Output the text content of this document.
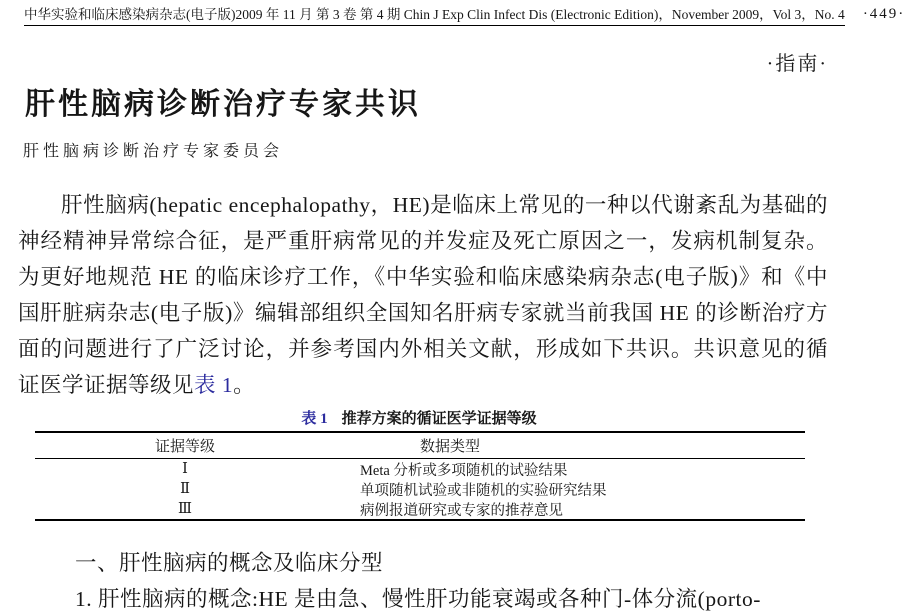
中华实验和临床感染病杂志(电子版)2009 年 11 月 第 3 卷 第 4 期 Chin J Exp Clin Infect Dis (Electronic Edition)，November 2009，Vol 3，No. 4	·449·
·指南·
肝性脑病诊断治疗专家共识
肝性脑病诊断治疗专家委员会

肝性脑病(hepatic encephalopathy，HE)是临床上常见的一种以代谢紊乱为基础的神经精神异常综合征，是严重肝病常见的并发症及死亡原因之一，发病机制复杂。为更好地规范 HE 的临床诊疗工作，《中华实验和临床感染病杂志(电子版)》和《中国肝脏病杂志(电子版)》编辑部组织全国知名肝病专家就当前我国 HE 的诊断治疗方面的问题进行了广泛讨论，并参考国内外相关文献，形成如下共识。共识意见的循证医学证据等级见表 1。

表 1 推荐方案的循证医学证据等级
证据等级	数据类型
Ⅰ	Meta 分析或多项随机的试验结果
Ⅱ	单项随机试验或非随机的实验研究结果
Ⅲ	病例报道研究或专家的推荐意见
一、肝性脑病的概念及临床分型
1. 肝性脑病的概念:HE 是由急、慢性肝功能衰竭或各种门-体分流(porto-
